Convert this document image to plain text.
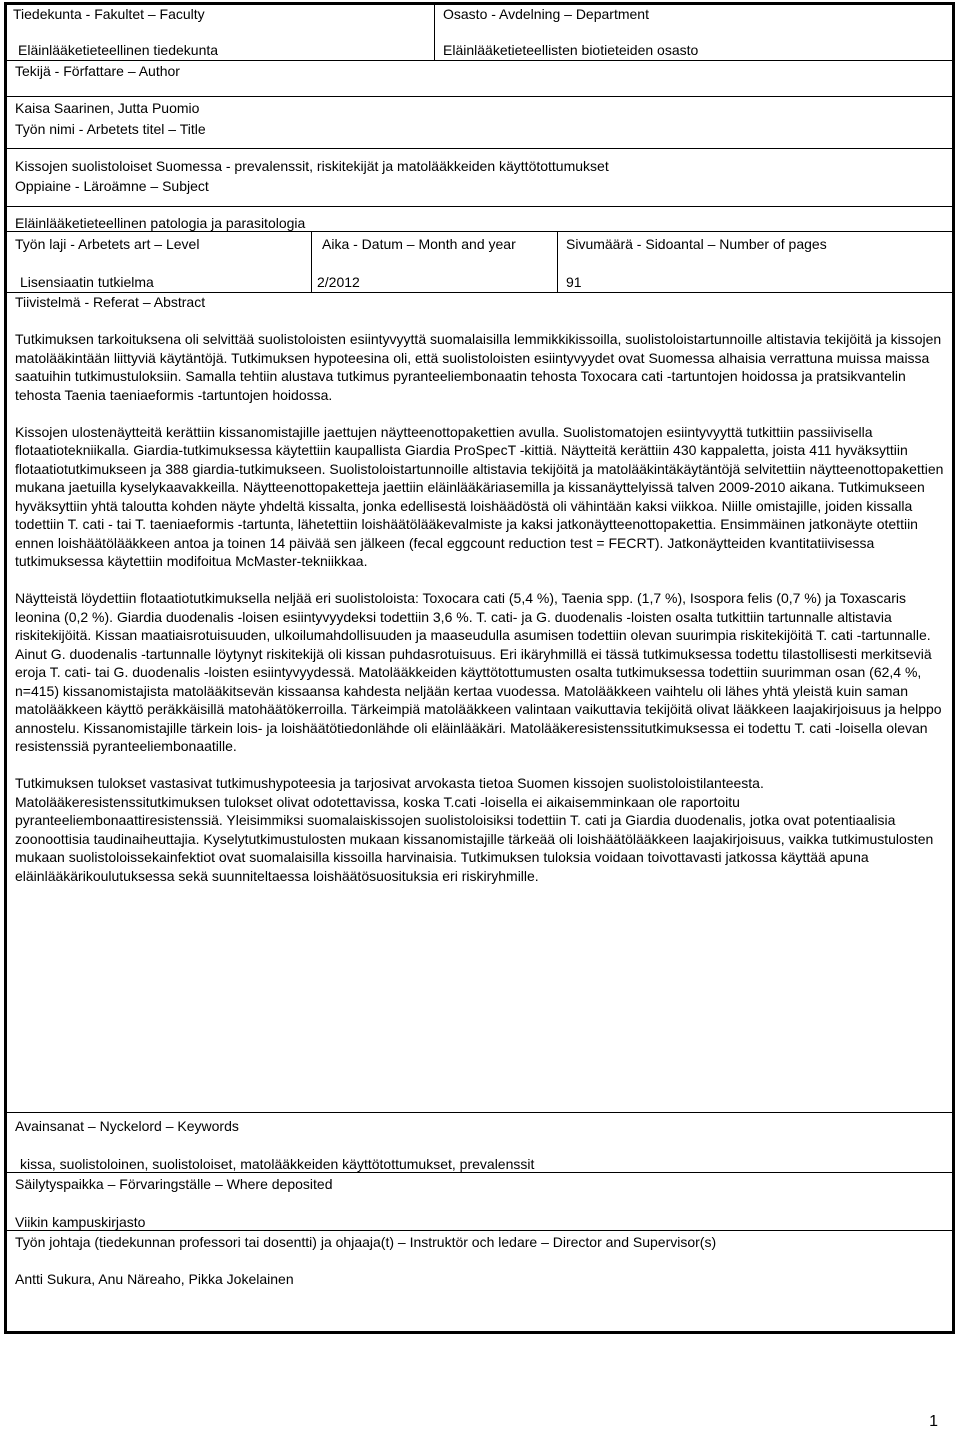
Tiedekunta - Fakultet – Faculty
Eläinlääketieteellinen tiedekunta
Osasto - Avdelning – Department
Eläinlääketieteellisten biotieteiden osasto
Tekijä - Författare – Author
Kaisa Saarinen, Jutta Puomio
Työn nimi - Arbetets titel – Title
Kissojen suolistoloiset Suomessa - prevalenssit, riskitekijät ja matolääkkeiden käyttötottumukset
Oppiaine - Läroämne – Subject
Eläinlääketieteellinen patologia ja parasitologia
Työn laji - Arbetets art – Level
Lisensiaatin tutkielma
Aika - Datum – Month and year
2/2012
Sivumäärä - Sidoantal – Number of pages
91
Tiivistelmä - Referat – Abstract

Tutkimuksen tarkoituksena oli selvittää suolistoloisten esiintyvyyttä suomalaisilla lemmikkikissoilla, suolistoloistartunnoille altistavia tekijöitä ja kissojen matolääkintään liittyviä käytäntöjä. Tutkimuksen hypoteesina oli, että suolistoloisten esiintyvyydet ovat Suomessa alhaisia verrattuna muissa maissa saatuihin tutkimustuloksiin. Samalla tehtiin alustava tutkimus pyranteeliembonaatin tehosta Toxocara cati -tartuntojen hoidossa ja pratsikvantelin tehosta Taenia taeniaeformis -tartuntojen hoidossa.

Kissojen ulostenäytteitä kerättiin kissanomistajille jaettujen näytteenottopakettien avulla. Suolistomatojen esiintyvyyttä tutkittiin passiivisella flotaatiotekniikalla. Giardia-tutkimuksessa käytettiin kaupallista Giardia ProSpecT -kittiä. Näytteitä kerättiin 430 kappaletta, joista 411 hyväksyttiin flotaatiotutkimukseen ja 388 giardia-tutkimukseen. Suolistoloistartunnoille altistavia tekijöitä ja matolääkintäkäytäntöjä selvitettiin näytteenottopakettien mukana jaetuilla kyselykaavakkeilla. Näytteenottopaketteja jaettiin eläinlääkäriasemilla ja kissanäyttelyissä talven 2009-2010 aikana. Tutkimukseen hyväksyttiin yhtä taloutta kohden näyte yhdeltä kissalta, jonka edellisestä loishäädöstä oli vähintään kaksi viikkoa. Niille omistajille, joiden kissalla todettiin T. cati - tai T. taeniaeformis -tartunta, lähetettiin loishäätölääkevalmiste ja kaksi jatkonäytteenottopakettia. Ensimmäinen jatkonäyte otettiin ennen loishäätölääkkeen antoa ja toinen 14 päivää sen jälkeen (fecal eggcount reduction test = FECRT). Jatkonäytteiden kvantitatiivisessa tutkimuksessa käytettiin modifoitua McMaster-tekniikkaa.

Näytteistä löydettiin flotaatiotutkimuksella neljää eri suolistoloista: Toxocara cati (5,4 %), Taenia spp. (1,7 %), Isospora felis (0,7 %) ja Toxascaris leonina (0,2 %). Giardia duodenalis -loisen esiintyvyydeksi todettiin 3,6 %. T. cati- ja G. duodenalis -loisten osalta tutkittiin tartunnalle altistavia riskitekijöitä. Kissan maatiaisrotuisuuden, ulkoilumahdollisuuden ja maaseudulla asumisen todettiin olevan suurimpia riskitekijöitä T. cati -tartunnalle. Ainut G. duodenalis -tartunnalle löytynyt riskitekijä oli kissan puhdasrotuisuus. Eri ikäryhmillä ei tässä tutkimuksessa todettu tilastollisesti merkitseviä eroja T. cati- tai G. duodenalis -loisten esiintyvyydessä. Matolääkkeiden käyttötottumusten osalta tutkimuksessa todettiin suurimman osan (62,4 %, n=415) kissanomistajista matolääkitsevän kissaansa kahdesta neljään kertaa vuodessa. Matolääkkeen vaihtelu oli lähes yhtä yleistä kuin saman matolääkkeen käyttö peräkkäisillä matohäätökerroilla. Tärkeimpiä matolääkkeen valintaan vaikuttavia tekijöitä olivat lääkkeen laajakirjoisuus ja helppo annostelu. Kissanomistajille tärkein lois- ja loishäätötiedonlähde oli eläinlääkäri. Matolääkeresistenssitutkimuksessa ei todettu T. cati -loisella olevan resistenssiä pyranteeliembonaatille.

Tutkimuksen tulokset vastasivat tutkimushypoteesia ja tarjosivat arvokasta tietoa Suomen kissojen suolistoloistilanteesta. Matolääkeresistenssitutkimuksen tulokset olivat odotettavissa, koska T.cati -loisella ei aikaisemminkaan ole raportoitu pyranteeliembonaattiresistenssiä. Yleisimmiksi suomalaiskissojen suolistoloisiksi todettiin T. cati ja Giardia duodenalis, jotka ovat potentiaalisia zoonoottisia taudinaiheuttajia. Kyselytutkimustulosten mukaan kissanomistajille tärkeää oli loishäätölääkkeen laajakirjoisuus, vaikka tutkimustulosten mukaan suolistoloissekainfektiot ovat suomalaisilla kissoilla harvinaisia. Tutkimuksen tuloksia voidaan toivottavasti jatkossa käyttää apuna eläinlääkärikoulutuksessa sekä suunniteltaessa loishäätösuosituksia eri riskiryhmille.

Avainsanat – Nyckelord – Keywords
kissa, suolistoloinen, suolistoloiset, matolääkkeiden käyttötottumukset, prevalenssit
Säilytyspaikka – Förvaringställe – Where deposited
Viikin kampuskirjasto
Työn johtaja (tiedekunnan professori tai dosentti) ja ohjaaja(t) – Instruktör och ledare – Director and Supervisor(s)
Antti Sukura, Anu Näreaho, Pikka Jokelainen
1
